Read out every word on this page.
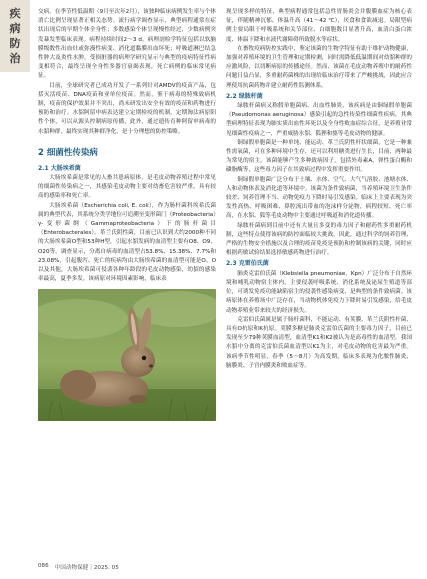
疾
病
防
治

交病。在季节性低温期（9月至次年2月），该独种临床病例发生率与个体消亡比例呈现显著正相关态势。流行病学调查显示，典型病程通常在症状出现后的早期个体全身性；多数感染个体呈现慢性经过，少数病例突发暴发型临床表现。病程持续时间2～3 d。病理剖检学特征包括以软脑膜级数性出血灶或弥漫性病变、消化道黏膜出血坏死；呼吸道淋巴结急性肿大及炎性水肿。受损脏器的病理学研究显示与典型的疫病特征性病变相符合，最终呈现全身性多器官衰竭表现，死亡病例的临床常见病征。

目前，全球研究者已成功开发了一系列针对AMDV的疫苗产品，包括灭活疫苗、DNA疫苗和亚单位疫苗。然而，鉴于病毒的特殊致病机制，疫苗的保护效果并不突出，尚未研发出安全有效的疫苗和药物进行预防和治疗。水貂阿留申病表达建立定期检疫的机制，定期淘汰病原阳性个体，可以从源头控制病原传播，此外，通过遗传育种阿留申病毒的水貂种群，最终实现其种群净化，是十分理想的防控策略。

2 细菌性传染病
2.1 大肠埃希菌

大肠埃希菌是常见的人畜共患病原体，是毛皮动物养殖过程中常见的细菌性传染病之一，其感染毛皮动物主要对幼畜危害较严重，具有较高的感染率和死亡率。

大肠埃希菌（Escherichia coli, E. coli），作为肠杆菌科埃希氏菌属的典型代表，其系统分类学地位可追溯至变形菌门（Proteobacteria）γ-变形菌纲（Gammaproteobacteria）下的肠杆菌目（Enterobacterales）。革兰氏阴性菌，目前已认识到大约2000种不同的大肠埃希菌O型和53种H型，引起水貂发病的血清型主要有O8、O9、O20等。调查显示，分离自病毒的血清型占53.8%、15.38%、7.7%和23.08%，引起腹泻、死亡的疾病均由大肠埃希菌的血清型可能是O、O以及其他，大肠埃希菌可侵袭各种年龄段的毛皮动物感染，幼貂的感染率最高，夏季多发。该病原对环境因素影响，临床表

现呈现多样的特征，典型病程通常包括急性胃肠炎会并腹膜血症为核心表征，伴随精神沉郁、体温升高（41～42 ℃），厌食和食欲减退。局限型病例主要局限于呼吸系统和关节部位、白细胞数目显著升高，血清白蛋白浓度、体温下降和水液代谢障碍所致脱水等症状。

在畜牧疫病防控实践中，鉴定该菌的生物学特征有助于维护动物健康，加强对养殖环境的卫生管理和定期检测，同时需降低低温期间对幼貂种群的应激风险，以切断病原的传播途径。然而，该菌在毛皮动物养殖中的耐药性问题日益凸显，多重耐药菌株的出现给临床治疗带来了严峻挑战，因此应合理使用抗菌药物并建立耐药性监测体系。

2.2 绿脓杆菌

绿脓杆菌病又称假单胞菌病、出血性肺炎，该疾病是由铜绿假单胞菌（Pseudomonas aeruginosa）感染引起的急性传染性细菌性疾病，其典型病理特征表现为肺实质出血性坏死以及全身性败血症综合征，是养殖业常见细菌性疫病之一，严重威胁水貂、狐狸和貉等毛皮动物的健康。

铜绿假单胞菌是一种单纯、能运动、革兰氏阴性杆状细菌，它是一种兼性需氧菌，可在多种环境中生存，还可以利用糖类进行生长，目前，两种最为常见的宿主。该菌能够产生多种致病因子，包括外毒素A、弹性蛋白酶和磷脂酶等，这些毒力因子在其致病过程中发挥重要作用。

铜绿假单胞菌广泛分布于土壤、水体、空气、大气气溶胶、池塘水体、人和动物体表及消化道等环境中。该菌为条件致病菌，当养殖环境卫生条件较差、饲养管理不当、动物免疫力下降时易引发感染。临床上主要表现为突发性高热、呼吸困难、鼻腔流出带血的泡沫样分泌物，病程较短、死亡率高，在水貂、狐等毛皮动物中主要通过呼吸道和消化道传播。

绿脓杆菌病到目前中还有大量且多变的毒力因子和耐药性多重耐药机制，这些特点使得该病的防控面临较大挑战。因此，通过科学的饲养管理、严格的生物安全措施以及合理的疫苗免疫是预防和控制该病的关键，同时应根据药敏试验结果选择敏感药物进行治疗。

2.3 克雷伯氏菌

肺炎克雷伯氏菌（Klebsiella pneumoniae，Kpn）广泛分布于自然环境和哺乳动物宿主体内，主要侵袭呼吸系统、消化系统及泌尿生殖道等部位，可诱发免疫功能缺陷宿主的侵袭性感染病变，是典型的条件致病菌。该病原体在养殖场中广泛存在，当动物机体免疫力下降时易引发感染，给毛皮动物养殖业带来较大的经济损失。

克雷伯氏菌属是属于肠杆菌科，不能运动、有荚膜、革兰氏阴性杆菌，具有O抗原和K抗原。荚膜多糖是肺炎克雷伯氏菌的主要毒力因子，目前已发现至少79种荚膜血清型，血清型K1和K2被认为是高毒性的血清型。我国水貂中分离的克雷伯氏菌血清型以K1为主，对毛皮动物的危害最为严重。该病季节性明显，春季（5～8月）为高发期，临床多表现为化脓性肺炎、脑膜炎、子宫内膜炎和败血症等。

086 中国动物保健｜2025. 05
